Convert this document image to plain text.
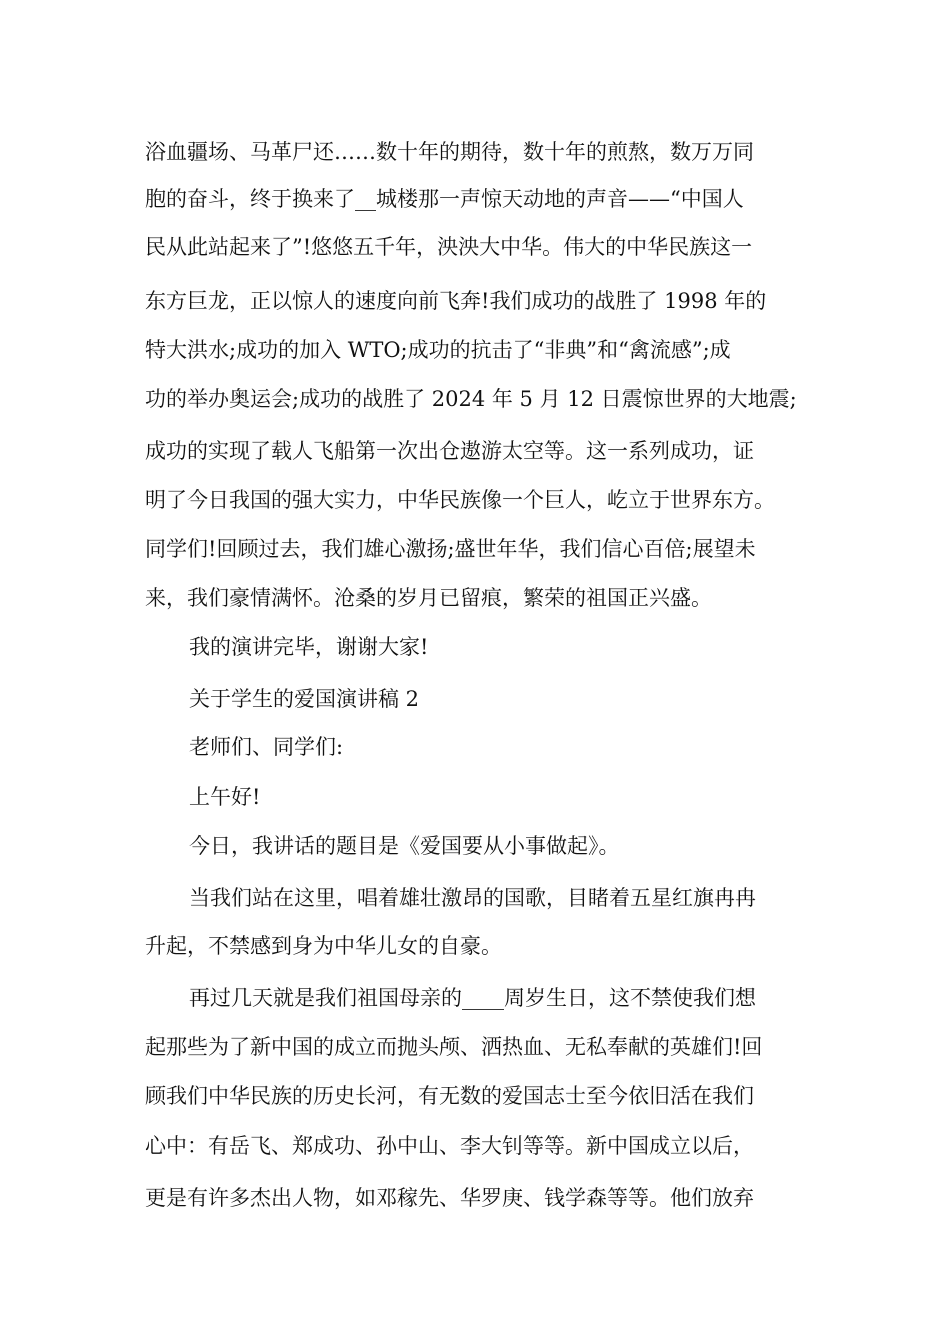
浴血疆场、马革尸还……数十年的期待，数十年的煎熬，数万万同
胞的奋斗，终于换来了__城楼那一声惊天动地的声音——“中国人
民从此站起来了”!悠悠五千年，泱泱大中华。伟大的中华民族这一
东方巨龙，正以惊人的速度向前飞奔!我们成功的战胜了 1998 年的
特大洪水;成功的加入 WTO;成功的抗击了“非典”和“禽流感”;成
功的举办奥运会;成功的战胜了 2024 年 5 月 12 日震惊世界的大地震;
成功的实现了载人飞船第一次出仓遨游太空等。这一系列成功，证
明了今日我国的强大实力，中华民族像一个巨人，屹立于世界东方。
同学们!回顾过去，我们雄心激扬;盛世年华，我们信心百倍;展望未
来，我们豪情满怀。沧桑的岁月已留痕，繁荣的祖国正兴盛。
我的演讲完毕，谢谢大家!
关于学生的爱国演讲稿 2
老师们、同学们:
上午好!
今日，我讲话的题目是《爱国要从小事做起》。
当我们站在这里，唱着雄壮激昂的国歌，目睹着五星红旗冉冉
升起，不禁感到身为中华儿女的自豪。
再过几天就是我们祖国母亲的____周岁生日，这不禁使我们想
起那些为了新中国的成立而抛头颅、洒热血、无私奉献的英雄们!回
顾我们中华民族的历史长河，有无数的爱国志士至今依旧活在我们
心中：有岳飞、郑成功、孙中山、李大钊等等。新中国成立以后，
更是有许多杰出人物，如邓稼先、华罗庚、钱学森等等。他们放弃
